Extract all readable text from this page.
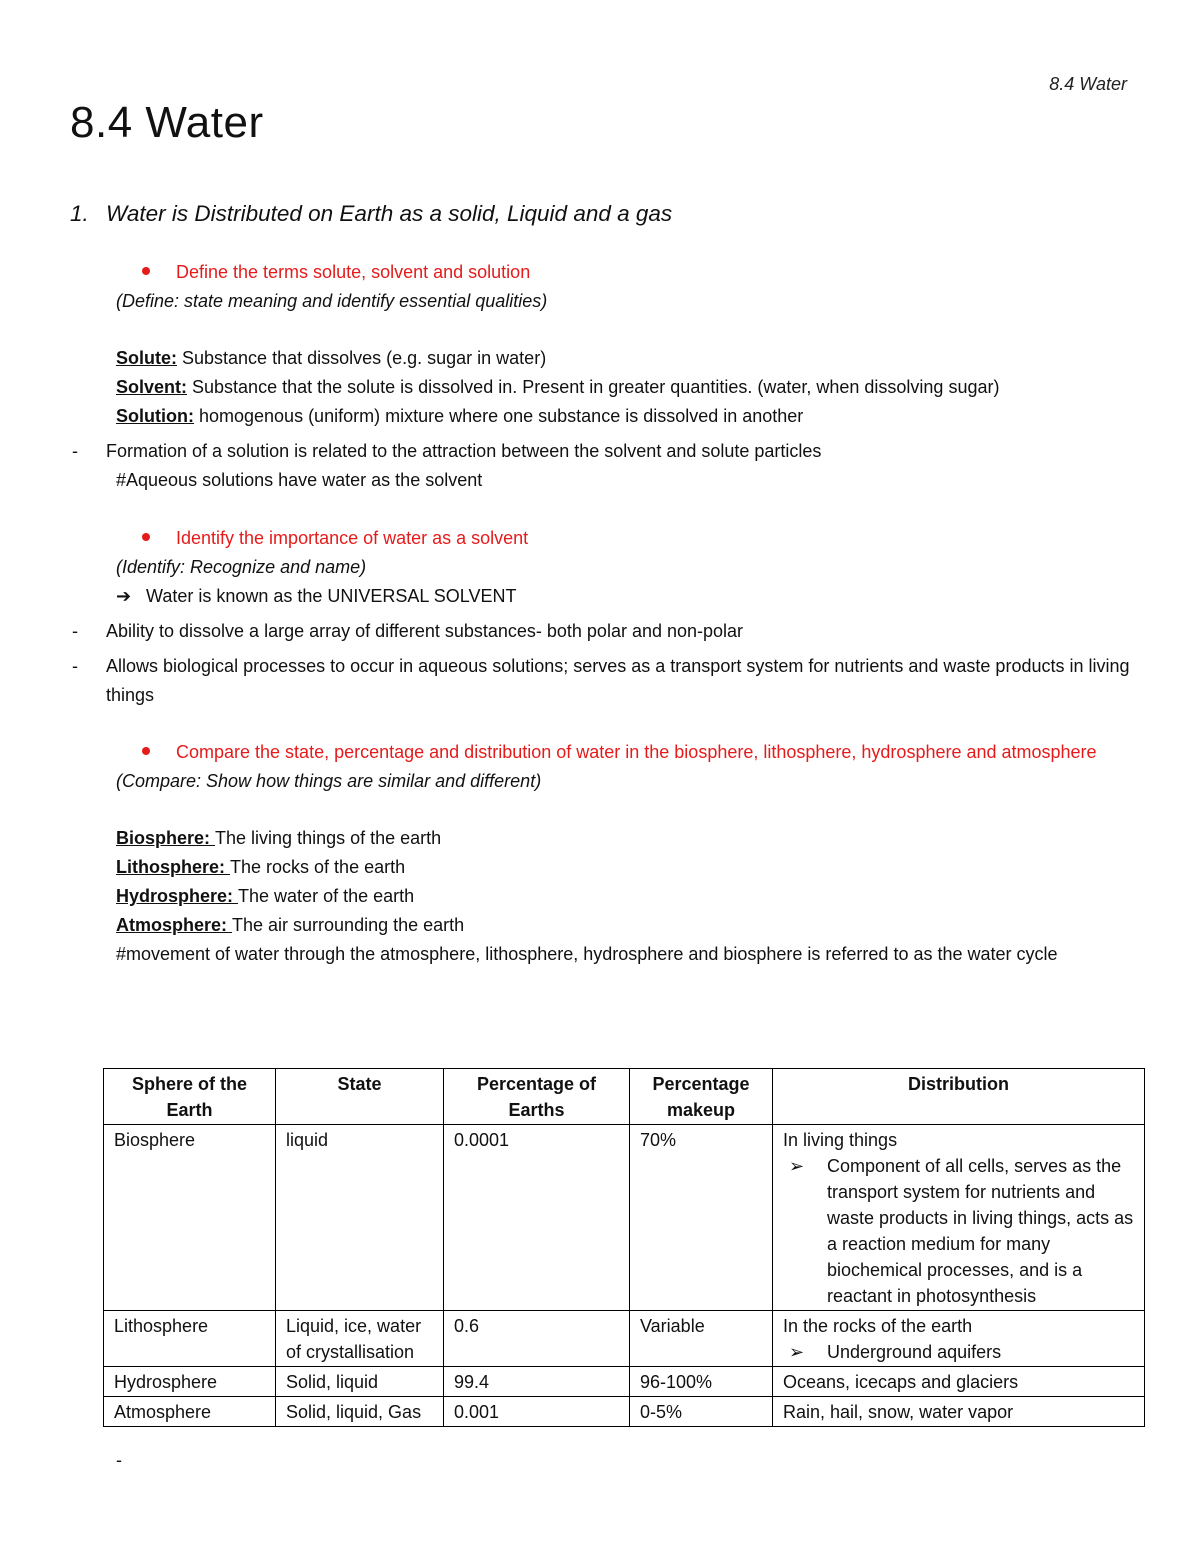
8.4 Water
8.4 Water

1. Water is Distributed on Earth as a solid, Liquid and a gas

Define the terms solute, solvent and solution

(Define: state meaning and identify essential qualities)

Solute: Substance that dissolves (e.g. sugar in water)

Solvent: Substance that the solute is dissolved in. Present in greater quantities. (water, when dissolving sugar)

Solution: homogenous (uniform) mixture where one substance is dissolved in another

- Formation of a solution is related to the attraction between the solvent and solute particles

#Aqueous solutions have water as the solvent

Identify the importance of water as a solvent

(Identify: Recognize and name)

➔ Water is known as the UNIVERSAL SOLVENT

- Ability to dissolve a large array of different substances- both polar and non-polar

- Allows biological processes to occur in aqueous solutions; serves as a transport system for nutrients and waste products in living things

Compare the state, percentage and distribution of water in the biosphere, lithosphere, hydrosphere and atmosphere

(Compare: Show how things are similar and different)

Biosphere: The living things of the earth

Lithosphere: The rocks of the earth

Hydrosphere: The water of the earth

Atmosphere: The air surrounding the earth

#movement of water through the atmosphere, lithosphere, hydrosphere and biosphere is referred to as the water cycle

Sphere of the Earth	State	Percentage of Earths	Percentage makeup	Distribution
Biosphere	liquid	0.0001	70%	In living things
➢ Component of all cells, serves as the transport system for nutrients and waste products in living things, acts as a reaction medium for many biochemical processes, and is a reactant in photosynthesis

Lithosphere	Liquid, ice, water of crystallisation	0.6	Variable	In the rocks of the earth
➢ Underground aquifers

Hydrosphere	Solid, liquid	99.4	96-100%	Oceans, icecaps and glaciers
Atmosphere	Solid, liquid, Gas	0.001	0-5%	Rain, hail, snow, water vapor
-
